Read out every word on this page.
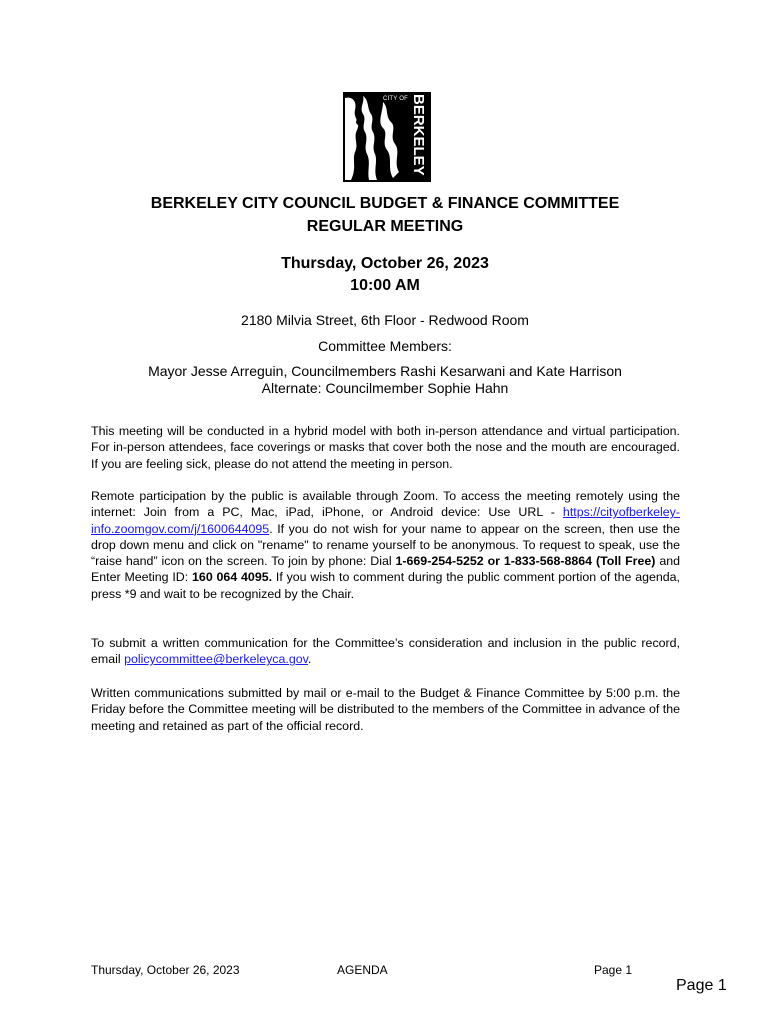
CITY OF BERKELEY
BERKELEY CITY COUNCIL BUDGET & FINANCE COMMITTEE
REGULAR MEETING
Thursday, October 26, 2023
10:00 AM
2180 Milvia Street, 6th Floor - Redwood Room
Committee Members:
Mayor Jesse Arreguin, Councilmembers Rashi Kesarwani and Kate Harrison
Alternate: Councilmember Sophie Hahn

This meeting will be conducted in a hybrid model with both in-person attendance and virtual participation. For in-person attendees, face coverings or masks that cover both the nose and the mouth are encouraged. If you are feeling sick, please do not attend the meeting in person.

Remote participation by the public is available through Zoom. To access the meeting remotely using the internet: Join from a PC, Mac, iPad, iPhone, or Android device: Use URL - https://cityofberkeley-info.zoomgov.com/j/1600644095. If you do not wish for your name to appear on the screen, then use the drop down menu and click on "rename" to rename yourself to be anonymous. To request to speak, use the “raise hand” icon on the screen. To join by phone: Dial 1-669-254-5252 or 1-833-568-8864 (Toll Free) and Enter Meeting ID: 160 064 4095. If you wish to comment during the public comment portion of the agenda, press *9 and wait to be recognized by the Chair.

To submit a written communication for the Committee’s consideration and inclusion in the public record, email policycommittee@berkeleyca.gov.

Written communications submitted by mail or e-mail to the Budget & Finance Committee by 5:00 p.m. the Friday before the Committee meeting will be distributed to the members of the Committee in advance of the meeting and retained as part of the official record.

Thursday, October 26, 2023	AGENDA	Page 1
Page 1
